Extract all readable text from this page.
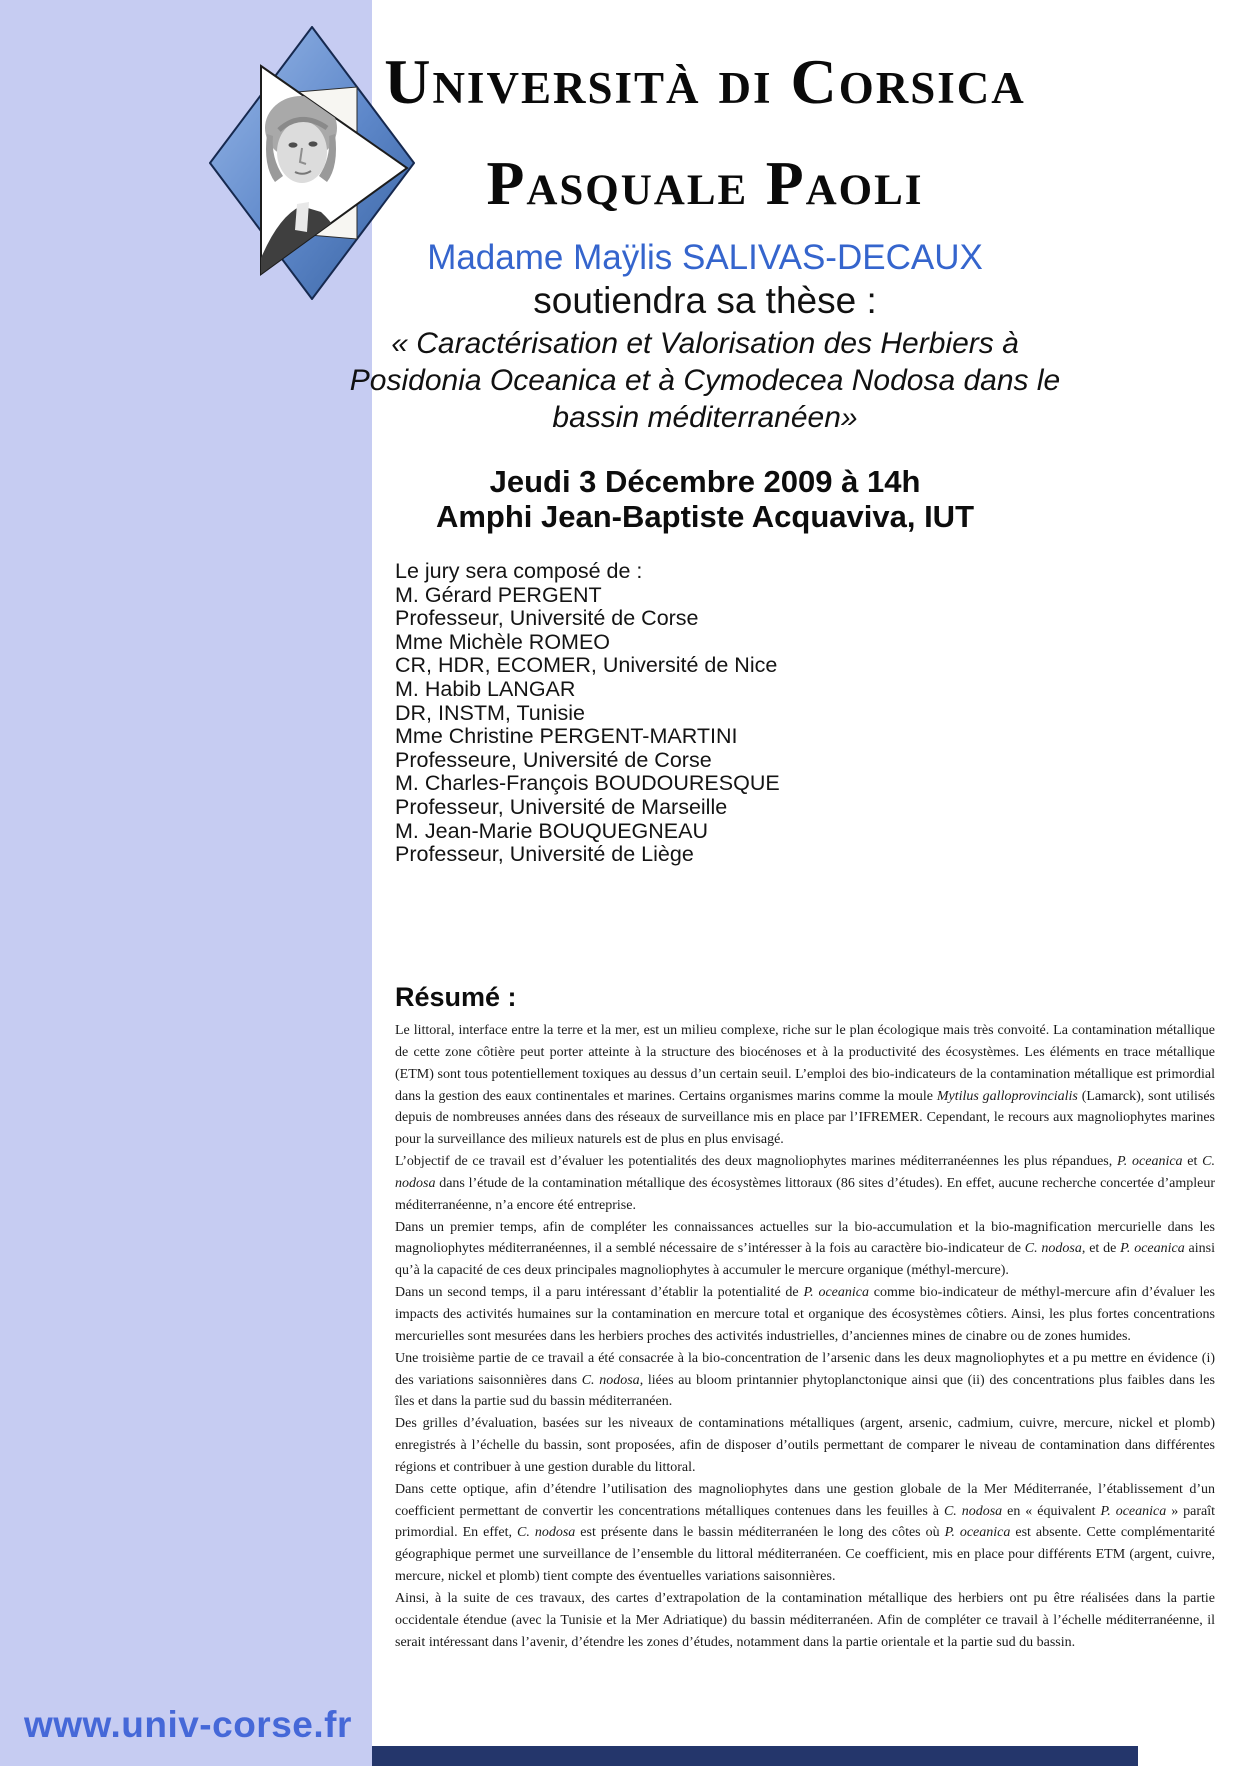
Università di Corsica
Pasquale Paoli
Madame Maÿlis SALIVAS-DECAUX
soutiendra sa thèse :
« Caractérisation et Valorisation des Herbiers à Posidonia Oceanica et à Cymodecea Nodosa dans le bassin méditerranéen»
Jeudi 3 Décembre 2009 à 14h
Amphi Jean-Baptiste Acquaviva, IUT
Le jury sera composé de :
M. Gérard PERGENT
Professeur, Université de Corse
Mme Michèle ROMEO
CR, HDR, ECOMER, Université de Nice
M. Habib LANGAR
DR, INSTM, Tunisie
Mme Christine PERGENT-MARTINI
Professeure, Université de Corse
M. Charles-François BOUDOURESQUE
Professeur, Université de Marseille
M. Jean-Marie BOUQUEGNEAU
Professeur, Université de Liège
Résumé :

Le littoral, interface entre la terre et la mer, est un milieu complexe, riche sur le plan écologique mais très convoité. La contamination métallique de cette zone côtière peut porter atteinte à la structure des biocénoses et à la productivité des écosystèmes. Les éléments en trace métallique (ETM) sont tous potentiellement toxiques au dessus d’un certain seuil. L’emploi des bio-indicateurs de la contamination métallique est primordial dans la gestion des eaux continentales et marines. Certains organismes marins comme la moule Mytilus galloprovincialis (Lamarck), sont utilisés depuis de nombreuses années dans des réseaux de surveillance mis en place par l’IFREMER. Cependant, le recours aux magnoliophytes marines pour la surveillance des milieux naturels est de plus en plus envisagé.

L’objectif de ce travail est d’évaluer les potentialités des deux magnoliophytes marines méditerranéennes les plus répandues, P. oceanica et C. nodosa dans l’étude de la contamination métallique des écosystèmes littoraux (86 sites d’études). En effet, aucune recherche concertée d’ampleur méditerranéenne, n’a encore été entreprise.

Dans un premier temps, afin de compléter les connaissances actuelles sur la bio-accumulation et la bio-magnification mercurielle dans les magnoliophytes méditerranéennes, il a semblé nécessaire de s’intéresser à la fois au caractère bio-indicateur de C. nodosa, et de P. oceanica ainsi qu’à la capacité de ces deux principales magnoliophytes à accumuler le mercure organique (méthyl-mercure).

Dans un second temps, il a paru intéressant d’établir la potentialité de P. oceanica comme bio-indicateur de méthyl-mercure afin d’évaluer les impacts des activités humaines sur la contamination en mercure total et organique des écosystèmes côtiers. Ainsi, les plus fortes concentrations mercurielles sont mesurées dans les herbiers proches des activités industrielles, d’anciennes mines de cinabre ou de zones humides.

Une troisième partie de ce travail a été consacrée à la bio-concentration de l’arsenic dans les deux magnoliophytes et a pu mettre en évidence (i) des variations saisonnières dans C. nodosa, liées au bloom printannier phytoplanctonique ainsi que (ii) des concentrations plus faibles dans les îles et dans la partie sud du bassin méditerranéen.

Des grilles d’évaluation, basées sur les niveaux de contaminations métalliques (argent, arsenic, cadmium, cuivre, mercure, nickel et plomb) enregistrés à l’échelle du bassin, sont proposées, afin de disposer d’outils permettant de comparer le niveau de contamination dans différentes régions et contribuer à une gestion durable du littoral.

Dans cette optique, afin d’étendre l’utilisation des magnoliophytes dans une gestion globale de la Mer Méditerranée, l’établissement d’un coefficient permettant de convertir les concentrations métalliques contenues dans les feuilles à C. nodosa en « équivalent P. oceanica » paraît primordial. En effet, C. nodosa est présente dans le bassin méditerranéen le long des côtes où P. oceanica est absente. Cette complémentarité géographique permet une surveillance de l’ensemble du littoral méditerranéen. Ce coefficient, mis en place pour différents ETM (argent, cuivre, mercure, nickel et plomb) tient compte des éventuelles variations saisonnières.

Ainsi, à la suite de ces travaux, des cartes d’extrapolation de la contamination métallique des herbiers ont pu être réalisées dans la partie occidentale étendue (avec la Tunisie et la Mer Adriatique) du bassin méditerranéen. Afin de compléter ce travail à l’échelle méditerranéenne, il serait intéressant dans l’avenir, d’étendre les zones d’études, notamment dans la partie orientale et la partie sud du bassin.

www.univ-corse.fr
